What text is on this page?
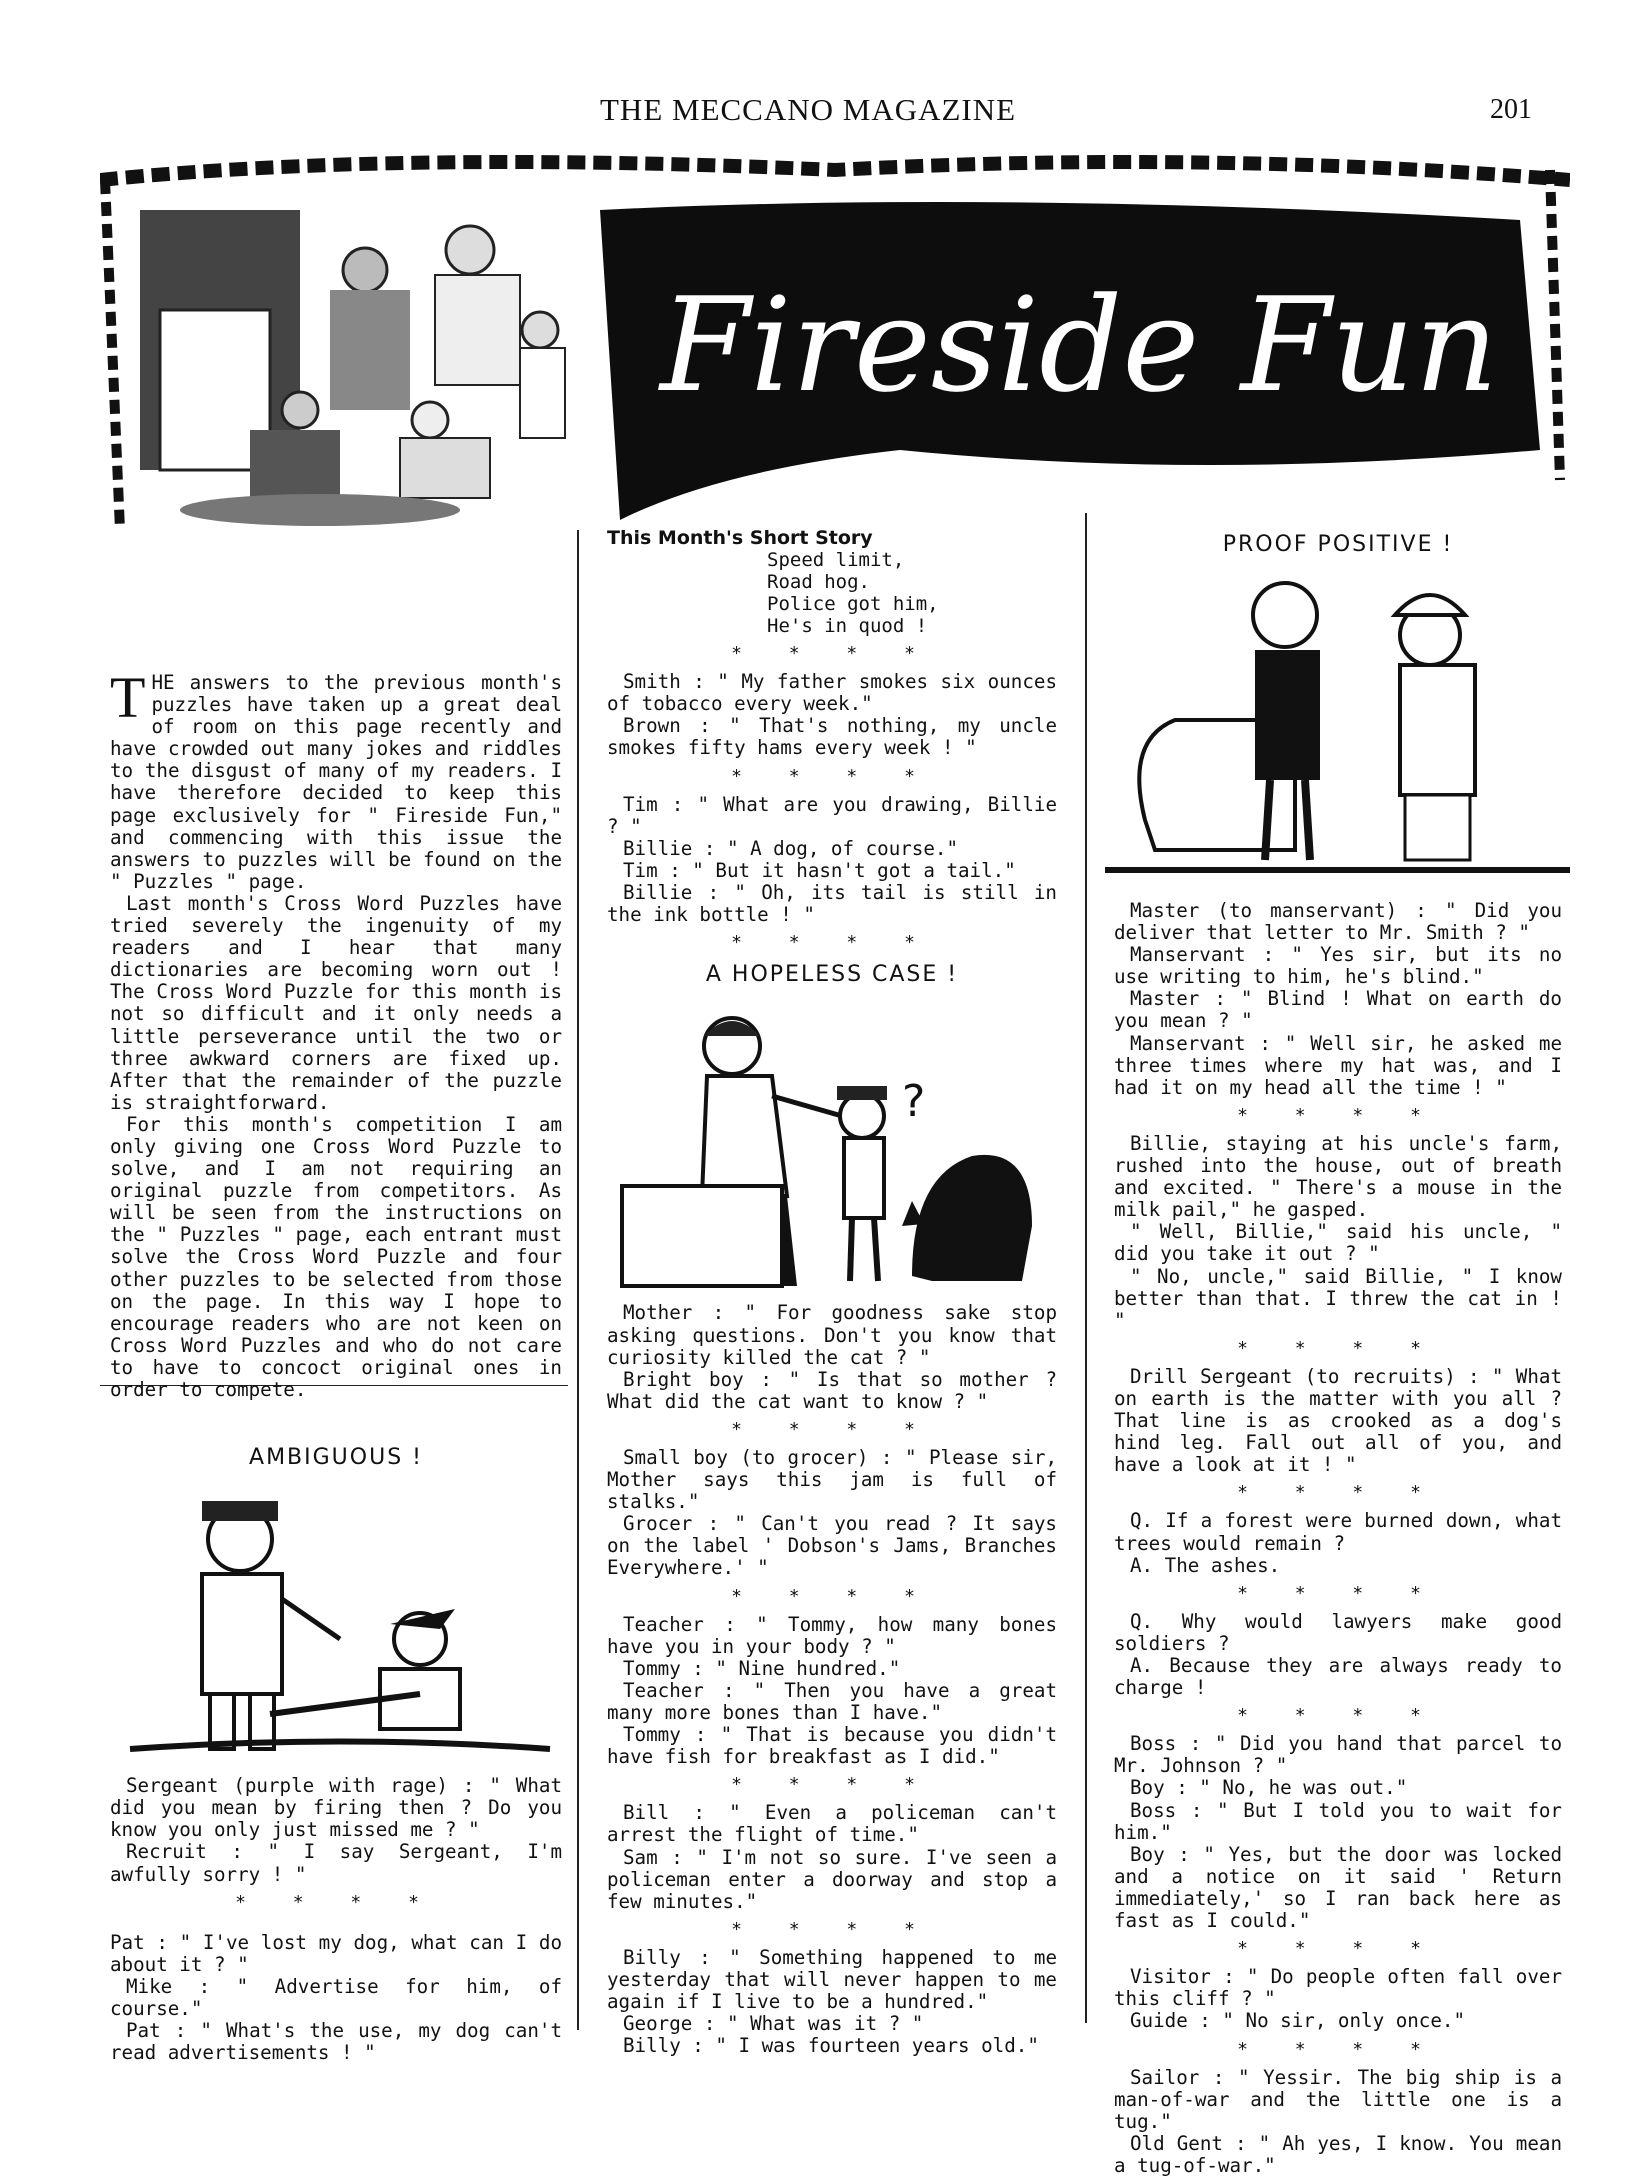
THE MECCANO MAGAZINE	201
Fireside Fun

THE answers to the previous month's puzzles have taken up a great deal of room on this page recently and have crowded out many jokes and riddles to the disgust of many of my readers. I have therefore decided to keep this page exclusively for " Fireside Fun," and commencing with this issue the answers to puzzles will be found on the " Puzzles " page.

Last month's Cross Word Puzzles have tried severely the ingenuity of my readers and I hear that many dictionaries are becoming worn out ! The Cross Word Puzzle for this month is not so difficult and it only needs a little perseverance until the two or three awkward corners are fixed up. After that the remainder of the puzzle is straightforward.

For this month's competition I am only giving one Cross Word Puzzle to solve, and I am not requiring an original puzzle from competitors. As will be seen from the instructions on the " Puzzles " page, each entrant must solve the Cross Word Puzzle and four other puzzles to be selected from those on the page. In this way I hope to encourage readers who are not keen on Cross Word Puzzles and who do not care to have to concoct original ones in order to compete.

AMBIGUOUS !

Sergeant (purple with rage) : " What did you mean by firing then ? Do you know you only just missed me ? "

Recruit : " I say Sergeant, I'm awfully sorry ! "

* * * *

Pat : " I've lost my dog, what can I do about it ? "

Mike : " Advertise for him, of course."

Pat : " What's the use, my dog can't read advertisements ! "

This Month's Short Story
Speed limit,
Road hog.
Police got him,
He's in quod !
* * * *

Smith : " My father smokes six ounces of tobacco every week."

Brown : " That's nothing, my uncle smokes fifty hams every week ! "

* * * *

Tim : " What are you drawing, Billie ? "

Billie : " A dog, of course."

Tim : " But it hasn't got a tail."

Billie : " Oh, its tail is still in the ink bottle ! "

* * * *
A HOPELESS CASE !
?

Mother : " For goodness sake stop asking questions. Don't you know that curiosity killed the cat ? "

Bright boy : " Is that so mother ? What did the cat want to know ? "

* * * *

Small boy (to grocer) : " Please sir, Mother says this jam is full of stalks."

Grocer : " Can't you read ? It says on the label ' Dobson's Jams, Branches Everywhere.' "

* * * *

Teacher : " Tommy, how many bones have you in your body ? "

Tommy : " Nine hundred."

Teacher : " Then you have a great many more bones than I have."

Tommy : " That is because you didn't have fish for breakfast as I did."

* * * *

Bill : " Even a policeman can't arrest the flight of time."

Sam : " I'm not so sure. I've seen a policeman enter a doorway and stop a few minutes."

* * * *

Billy : " Something happened to me yesterday that will never happen to me again if I live to be a hundred."

George : " What was it ? "

Billy : " I was fourteen years old."

PROOF POSITIVE !

Master (to manservant) : " Did you deliver that letter to Mr. Smith ? "

Manservant : " Yes sir, but its no use writing to him, he's blind."

Master : " Blind ! What on earth do you mean ? "

Manservant : " Well sir, he asked me three times where my hat was, and I had it on my head all the time ! "

* * * *

Billie, staying at his uncle's farm, rushed into the house, out of breath and excited. " There's a mouse in the milk pail," he gasped.

" Well, Billie," said his uncle, " did you take it out ? "

" No, uncle," said Billie, " I know better than that. I threw the cat in ! "

* * * *

Drill Sergeant (to recruits) : " What on earth is the matter with you all ? That line is as crooked as a dog's hind leg. Fall out all of you, and have a look at it ! "

* * * *

Q. If a forest were burned down, what trees would remain ?

A. The ashes.

* * * *

Q. Why would lawyers make good soldiers ?

A. Because they are always ready to charge !

* * * *

Boss : " Did you hand that parcel to Mr. Johnson ? "

Boy : " No, he was out."

Boss : " But I told you to wait for him."

Boy : " Yes, but the door was locked and a notice on it said ' Return immediately,' so I ran back here as fast as I could."

* * * *

Visitor : " Do people often fall over this cliff ? "

Guide : " No sir, only once."

* * * *

Sailor : " Yessir. The big ship is a man-of-war and the little one is a tug."

Old Gent : " Ah yes, I know. You mean a tug-of-war."
